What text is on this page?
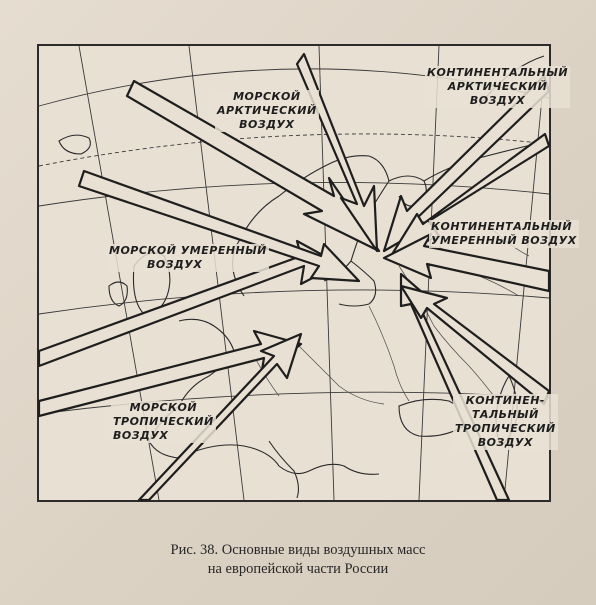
МОРСКОЙ
АРКТИЧЕСКИЙ
ВОЗДУХ
КОНТИНЕНТАЛЬНЫЙ
АРКТИЧЕСКИЙ
ВОЗДУХ
МОРСКОЙ УМЕРЕННЫЙ
ВОЗДУХ
КОНТИНЕНТАЛЬНЫЙ
УМЕРЕННЫЙ ВОЗДУХ
МОРСКОЙ
ТРОПИЧЕСКИЙ
ВОЗДУХ
КОНТИНЕН-
ТАЛЬНЫЙ
ТРОПИЧЕСКИЙ
ВОЗДУХ
Рис. 38. Основные виды воздушных масс
на европейской части России
